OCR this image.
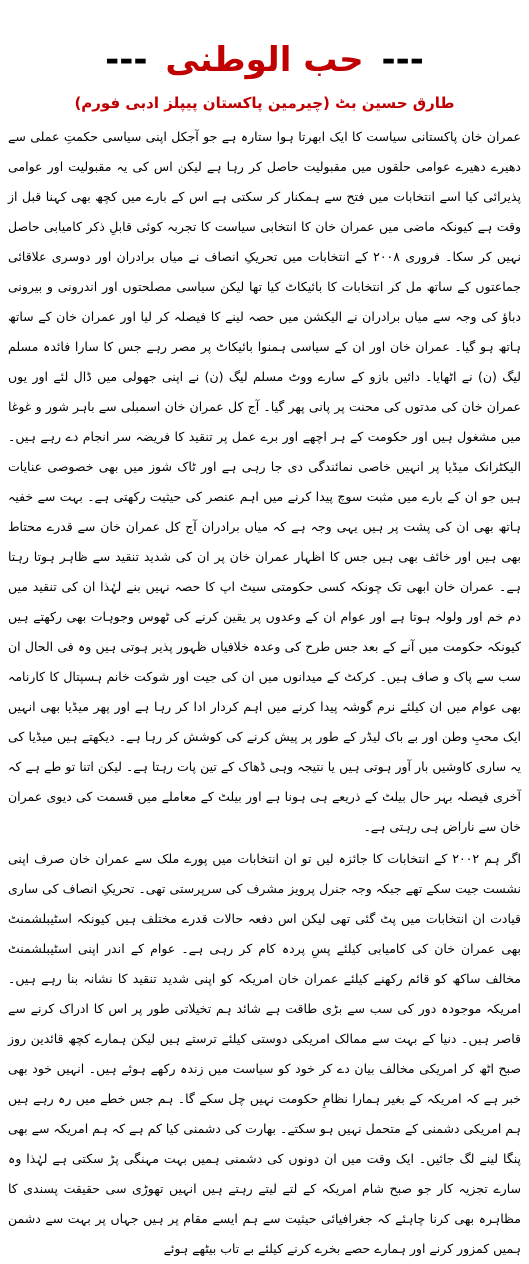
--- حب الوطنی ---
طارق حسین بٹ (چیرمین پاکستان پیپلز ادبی فورم)

عمران خان پاکستانی سیاست کا ایک ابھرتا ہوا ستارہ ہے جو آجکل اپنی سیاسی حکمتِ عملی سے دھیرے دھیرے عوامی حلقوں میں مقبولیت حاصل کر رہا ہے لیکن اس کی یہ مقبولیت اور عوامی پذیرائی کیا اسے انتخابات میں فتح سے ہمکنار کر سکتی ہے اس کے بارے میں کچھ بھی کہنا قبل از وقت ہے کیونکہ ماضی میں عمران خان کا انتخابی سیاست کا تجربہ کوئی قابلِ ذکر کامیابی حاصل نہیں کر سکا۔ فروری ۲۰۰۸ کے انتخابات میں تحریکِ انصاف نے میاں برادران اور دوسری علاقائی جماعتوں کے ساتھ مل کر انتخابات کا بائیکاٹ کیا تھا لیکن سیاسی مصلحتوں اور اندرونی و بیرونی دباؤ کی وجہ سے میاں برادران نے الیکشن میں حصہ لینے کا فیصلہ کر لیا اور عمران خان کے ساتھ ہاتھ ہو گیا۔ عمران خان اور ان کے سیاسی ہمنوا بائیکاٹ پر مصر رہے جس کا سارا فائدہ مسلم لیگ (ن) نے اٹھایا۔ دائیں بازو کے سارے ووٹ مسلم لیگ (ن) نے اپنی جھولی میں ڈال لئے اور یوں عمران خان کی مدتوں کی محنت پر پانی پھر گیا۔ آج کل عمران خان اسمبلی سے باہر شور و غوغا میں مشغول ہیں اور حکومت کے ہر اچھے اور برے عمل پر تنقید کا فریضہ سر انجام دے رہے ہیں۔ الیکٹرانک میڈیا پر انہیں خاصی نمائندگی دی جا رہی ہے اور ٹاک شوز میں بھی خصوصی عنایات ہیں جو ان کے بارے میں مثبت سوچ پیدا کرنے میں اہم عنصر کی حیثیت رکھتی ہے۔ بہت سے خفیہ ہاتھ بھی ان کی پشت پر ہیں یہی وجہ ہے کہ میاں برادران آج کل عمران خان سے قدرے محتاط بھی ہیں اور خائف بھی ہیں جس کا اظہار عمران خان پر ان کی شدید تنقید سے ظاہر ہوتا رہتا ہے۔ عمران خان ابھی تک چونکہ کسی حکومتی سیٹ اپ کا حصہ نہیں بنے لہٰذا ان کی تنقید میں دم خم اور ولولہ ہوتا ہے اور عوام ان کے وعدوں پر یقین کرنے کی ٹھوس وجوہات بھی رکھتے ہیں کیونکہ حکومت میں آنے کے بعد جس طرح کی وعدہ خلافیاں ظہور پذیر ہوتی ہیں وہ فی الحال ان سب سے پاک و صاف ہیں۔ کرکٹ کے میدانوں میں ان کی جیت اور شوکت خانم ہسپتال کا کارنامہ بھی عوام میں ان کیلئے نرم گوشہ پیدا کرنے میں اہم کردار ادا کر رہا ہے اور پھر میڈیا بھی انہیں ایک محبِ وطن اور بے باک لیڈر کے طور پر پیش کرنے کی کوشش کر رہا ہے۔ دیکھتے ہیں میڈیا کی یہ ساری کاوشیں بار آور ہوتی ہیں یا نتیجہ وہی ڈھاک کے تین پات رہتا ہے۔ لیکن اتنا تو طے ہے کہ آخری فیصلہ بہر حال بیلٹ کے ذریعے ہی ہونا ہے اور بیلٹ کے معاملے میں قسمت کی دیوی عمران خان سے ناراض ہی رہتی ہے۔

اگر ہم ۲۰۰۲ کے انتخابات کا جائزہ لیں تو ان انتخابات میں پورے ملک سے عمران خان صرف اپنی نشست جیت سکے تھے جبکہ وجہ جنرل پرویز مشرف کی سرپرستی تھی۔ تحریکِ انصاف کی ساری قیادت ان انتخابات میں پٹ گئی تھی لیکن اس دفعہ حالات قدرے مختلف ہیں کیونکہ اسٹیبلشمنٹ بھی عمران خان کی کامیابی کیلئے پسِ پردہ کام کر رہی ہے۔ عوام کے اندر اپنی اسٹیبلشمنٹ مخالف ساکھ کو قائم رکھنے کیلئے عمران خان امریکہ کو اپنی شدید تنقید کا نشانہ بنا رہے ہیں۔ امریکہ موجودہ دور کی سب سے بڑی طاقت ہے شائد ہم تخیلاتی طور پر اس کا ادراک کرنے سے قاصر ہیں۔ دنیا کے بہت سے ممالک امریکی دوستی کیلئے ترستے ہیں لیکن ہمارے کچھ قائدین روز صبح اٹھ کر امریکی مخالف بیان دے کر خود کو سیاست میں زندہ رکھے ہوئے ہیں۔ انہیں خود بھی خبر ہے کہ امریکہ کے بغیر ہمارا نظامِ حکومت نہیں چل سکے گا۔ ہم جس خطے میں رہ رہے ہیں ہم امریکی دشمنی کے متحمل نہیں ہو سکتے۔ بھارت کی دشمنی کیا کم ہے کہ ہم امریکہ سے بھی پنگا لینے لگ جائیں۔ ایک وقت میں ان دونوں کی دشمنی ہمیں بہت مہنگی پڑ سکتی ہے لہٰذا وہ سارے تجزیہ کار جو صبح شام امریکہ کے لتے لیتے رہتے ہیں انہیں تھوڑی سی حقیقت پسندی کا مظاہرہ بھی کرنا چاہئے کہ جغرافیائی حیثیت سے ہم ایسے مقام پر ہیں جہاں پر بہت سے دشمن ہمیں کمزور کرنے اور ہمارے حصے بخرے کرنے کیلئے بے تاب بیٹھے ہوئے
